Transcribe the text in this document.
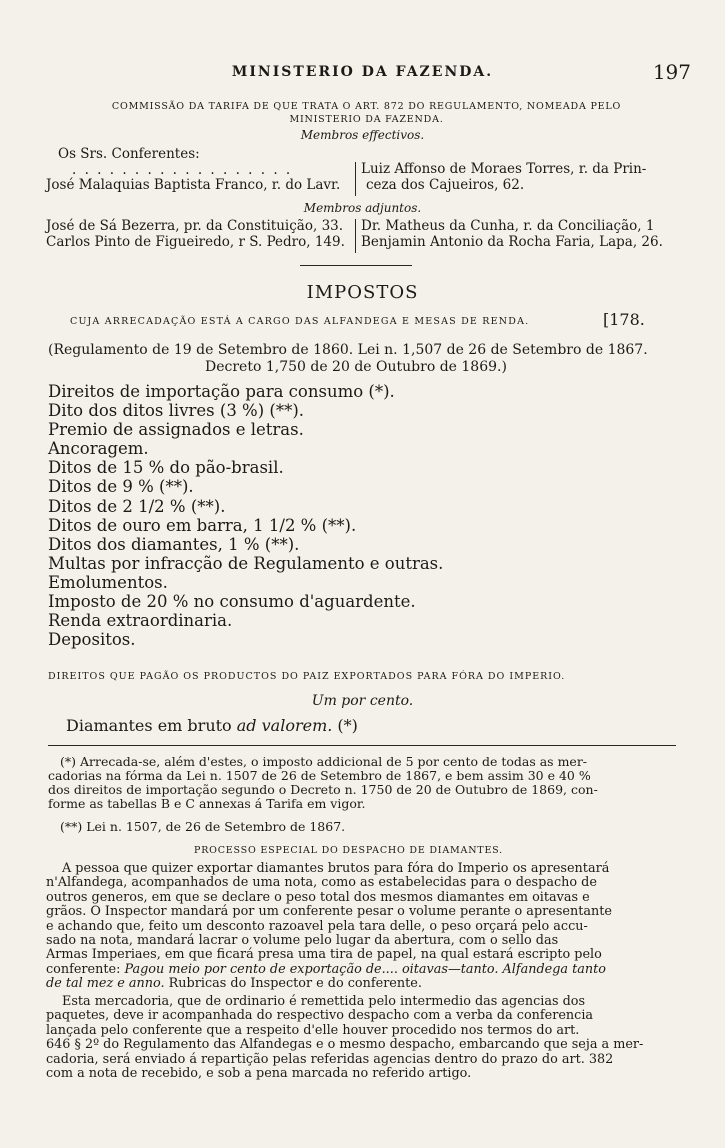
MINISTERIO DA FAZENDA.	197
COMMISSÃO DA TARIFA DE QUE TRATA O ART. 872 DO REGULAMENTO, NOMEADA PELO
MINISTERIO DA FAZENDA.
Membros effectivos.
Os Srs. Conferentes:
. . . . . . . . . . . . . . . . . .
José Malaquias Baptista Franco, r. do Lavr.
Luiz Affonso de Moraes Torres, r. da Prin-
ceza dos Cajueiros, 62.
Membros adjuntos.
José de Sá Bezerra, pr. da Constituição, 33.
Carlos Pinto de Figueiredo, r S. Pedro, 149.
Dr. Matheus da Cunha, r. da Conciliação, 1
Benjamin Antonio da Rocha Faria, Lapa, 26.
IMPOSTOS
CUJA ARRECADAÇÃO ESTÁ A CARGO DAS ALFANDEGA E MESAS DE RENDA.	[178.
(Regulamento de 19 de Setembro de 1860. Lei n. 1,507 de 26 de Setembro de 1867.
Decreto 1,750 de 20 de Outubro de 1869.)
Direitos de importação para consumo (*).
Dito dos ditos livres (3 %) (**).
Premio de assignados e letras.
Ancoragem.
Ditos de 15 % do pão-brasil.
Ditos de 9 % (**).
Ditos de 2 1/2 % (**).
Ditos de ouro em barra, 1 1/2 % (**).
Ditos dos diamantes, 1 % (**).
Multas por infracção de Regulamento e outras.
Emolumentos.
Imposto de 20 % no consumo d'aguardente.
Renda extraordinaria.
Depositos.
DIREITOS QUE PAGÃO OS PRODUCTOS DO PAIZ EXPORTADOS PARA FÓRA DO IMPERIO.
Um por cento.
Diamantes em bruto ad valorem. (*)
(*) Arrecada-se, além d'estes, o imposto addicional de 5 por cento de todas as mer-
cadorias na fórma da Lei n. 1507 de 26 de Setembro de 1867, e bem assim 30 e 40 %
dos direitos de importação segundo o Decreto n. 1750 de 20 de Outubro de 1869, con-
forme as tabellas B e C annexas á Tarifa em vigor.
(**) Lei n. 1507, de 26 de Setembro de 1867.
PROCESSO ESPECIAL DO DESPACHO DE DIAMANTES.
A pessoa que quizer exportar diamantes brutos para fóra do Imperio os apresentará
n'Alfandega, acompanhados de uma nota, como as estabelecidas para o despacho de
outros generos, em que se declare o peso total dos mesmos diamantes em oitavas e
grãos. O Inspector mandará por um conferente pesar o volume perante o apresentante
e achando que, feito um desconto razoavel pela tara delle, o peso orçará pelo accu-
sado na nota, mandará lacrar o volume pelo lugar da abertura, com o sello das
Armas Imperiaes, em que ficará presa uma tira de papel, na qual estará escripto pelo
conferente: Pagou meio por cento de exportação de.... oitavas—tanto. Alfandega tanto
de tal mez e anno. Rubricas do Inspector e do conferente.
Esta mercadoria, que de ordinario é remettida pelo intermedio das agencias dos
paquetes, deve ir acompanhada do respectivo despacho com a verba da conferencia
lançada pelo conferente que a respeito d'elle houver procedido nos termos do art.
646 § 2º do Regulamento das Alfandegas e o mesmo despacho, embarcando que seja a mer-
cadoria, será enviado á repartição pelas referidas agencias dentro do prazo do art. 382
com a nota de recebido, e sob a pena marcada no referido artigo.
